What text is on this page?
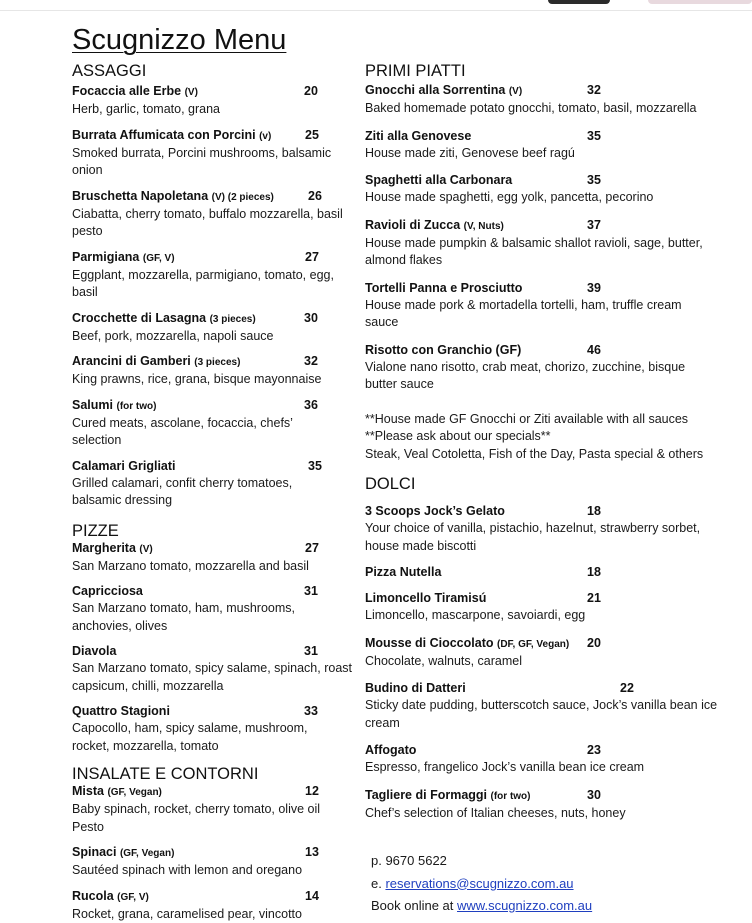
Scugnizzo Menu
ASSAGGI
Focaccia alle Erbe (V)	20
Herb, garlic, tomato, grana
Burrata Affumicata con Porcini (v)	25
Smoked burrata, Porcini mushrooms, balsamic onion
Bruschetta Napoletana (V) (2 pieces)	26
Ciabatta, cherry tomato, buffalo mozzarella, basil pesto
Parmigiana (GF, V)	27
Eggplant, mozzarella, parmigiano, tomato, egg, basil
Crocchette di Lasagna (3 pieces)	30
Beef, pork, mozzarella, napoli sauce
Arancini di Gamberi (3 pieces)	32
King prawns, rice, grana, bisque mayonnaise
Salumi (for two)	36
Cured meats, ascolane, focaccia, chefs’ selection
Calamari Grigliati	35
Grilled calamari, confit cherry tomatoes, balsamic dressing
PIZZE
Margherita (V)	27
San Marzano tomato, mozzarella and basil
Capricciosa	31
San Marzano tomato, ham, mushrooms, anchovies, olives
Diavola	31
San Marzano tomato, spicy salame, spinach, roast capsicum, chilli, mozzarella
Quattro Stagioni	33
Capocollo, ham, spicy salame, mushroom, rocket, mozzarella, tomato
INSALATE E CONTORNI
Mista (GF, Vegan)	12
Baby spinach, rocket, cherry tomato, olive oil Pesto
Spinaci (GF, Vegan)	13
Sautéed spinach with lemon and oregano
Rucola (GF, V)	14
Rocket, grana, caramelised pear, vincotto
PRIMI PIATTI
Gnocchi alla Sorrentina (V)	32
Baked homemade potato gnocchi, tomato, basil, mozzarella
Ziti alla Genovese	35
House made ziti, Genovese beef ragú
Spaghetti alla Carbonara	35
House made spaghetti, egg yolk, pancetta, pecorino
Ravioli di Zucca (V, Nuts)	37
House made pumpkin & balsamic shallot ravioli, sage, butter, almond flakes
Tortelli Panna e Prosciutto	39
House made pork & mortadella tortelli, ham, truffle cream sauce
Risotto con Granchio (GF)	46
Vialone nano risotto, crab meat, chorizo, zucchine, bisque butter sauce
**House made GF Gnocchi or Ziti available with all sauces
**Please ask about our specials**
Steak, Veal Cotoletta, Fish of the Day, Pasta special & others
DOLCI
3 Scoops Jock’s Gelato	18
Your choice of vanilla, pistachio, hazelnut, strawberry sorbet, house made biscotti
Pizza Nutella	18
Limoncello Tiramisú	21
Limoncello, mascarpone, savoiardi, egg
Mousse di Cioccolato (DF, GF, Vegan)	20
Chocolate, walnuts, caramel
Budino di Datteri	22
Sticky date pudding, butterscotch sauce, Jock’s vanilla bean ice cream
Affogato	23
Espresso, frangelico Jock’s vanilla bean ice cream
Tagliere di Formaggi (for two)	30
Chef’s selection of Italian cheeses, nuts, honey
p. 9670 5622
e. reservations@scugnizzo.com.au
Book online at www.scugnizzo.com.au
